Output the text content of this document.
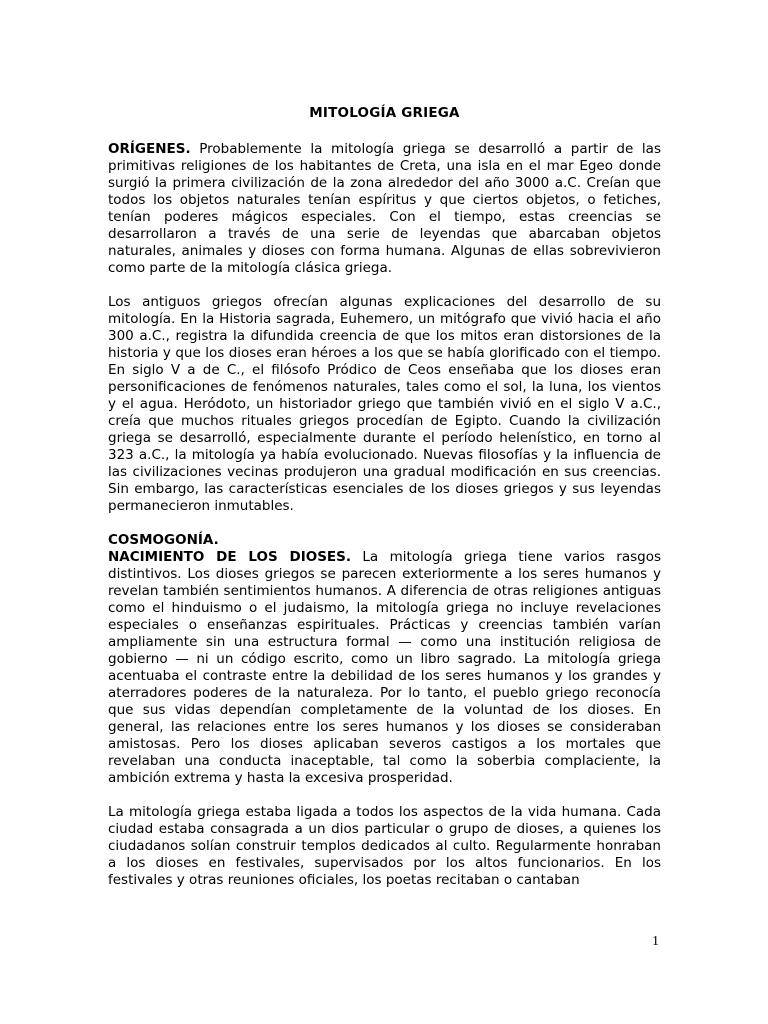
MITOLOGÍA GRIEGA

ORÍGENES. Probablemente la mitología griega se desarrolló a partir de las primitivas religiones de los habitantes de Creta, una isla en el mar Egeo donde surgió la primera civilización de la zona alrededor del año 3000 a.C. Creían que todos los objetos naturales tenían espíritus y que ciertos objetos, o fetiches, tenían poderes mágicos especiales. Con el tiempo, estas creencias se desarrollaron a través de una serie de leyendas que abarcaban objetos naturales, animales y dioses con forma humana. Algunas de ellas sobrevivieron como parte de la mitología clásica griega.

Los antiguos griegos ofrecían algunas explicaciones del desarrollo de su mitología. En la Historia sagrada, Euhemero, un mitógrafo que vivió hacia el año 300 a.C., registra la difundida creencia de que los mitos eran distorsiones de la historia y que los dioses eran héroes a los que se había glorificado con el tiempo. En siglo V a de C., el filósofo Pródico de Ceos enseñaba que los dioses eran personificaciones de fenómenos naturales, tales como el sol, la luna, los vientos y el agua. Heródoto, un historiador griego que también vivió en el siglo V a.C., creía que muchos rituales griegos procedían de Egipto. Cuando la civilización griega se desarrolló, especialmente durante el período helenístico, en torno al 323 a.C., la mitología ya había evolucionado. Nuevas filosofías y la influencia de las civilizaciones vecinas produjeron una gradual modificación en sus creencias. Sin embargo, las características esenciales de los dioses griegos y sus leyendas permanecieron inmutables.

COSMOGONÍA.

NACIMIENTO DE LOS DIOSES. La mitología griega tiene varios rasgos distintivos. Los dioses griegos se parecen exteriormente a los seres humanos y revelan también sentimientos humanos. A diferencia de otras religiones antiguas como el hinduismo o el judaismo, la mitología griega no incluye revelaciones especiales o enseñanzas espirituales. Prácticas y creencias también varían ampliamente sin una estructura formal — como una institución religiosa de gobierno — ni un código escrito, como un libro sagrado. La mitología griega acentuaba el contraste entre la debilidad de los seres humanos y los grandes y aterradores poderes de la naturaleza. Por lo tanto, el pueblo griego reconocía que sus vidas dependían completamente de la voluntad de los dioses. En general, las relaciones entre los seres humanos y los dioses se consideraban amistosas. Pero los dioses aplicaban severos castigos a los mortales que revelaban una conducta inaceptable, tal como la soberbia complaciente, la ambición extrema y hasta la excesiva prosperidad.

La mitología griega estaba ligada a todos los aspectos de la vida humana. Cada ciudad estaba consagrada a un dios particular o grupo de dioses, a quienes los ciudadanos solían construir templos dedicados al culto. Regularmente honraban a los dioses en festivales, supervisados por los altos funcionarios. En los festivales y otras reuniones oficiales, los poetas recitaban o cantaban

1
